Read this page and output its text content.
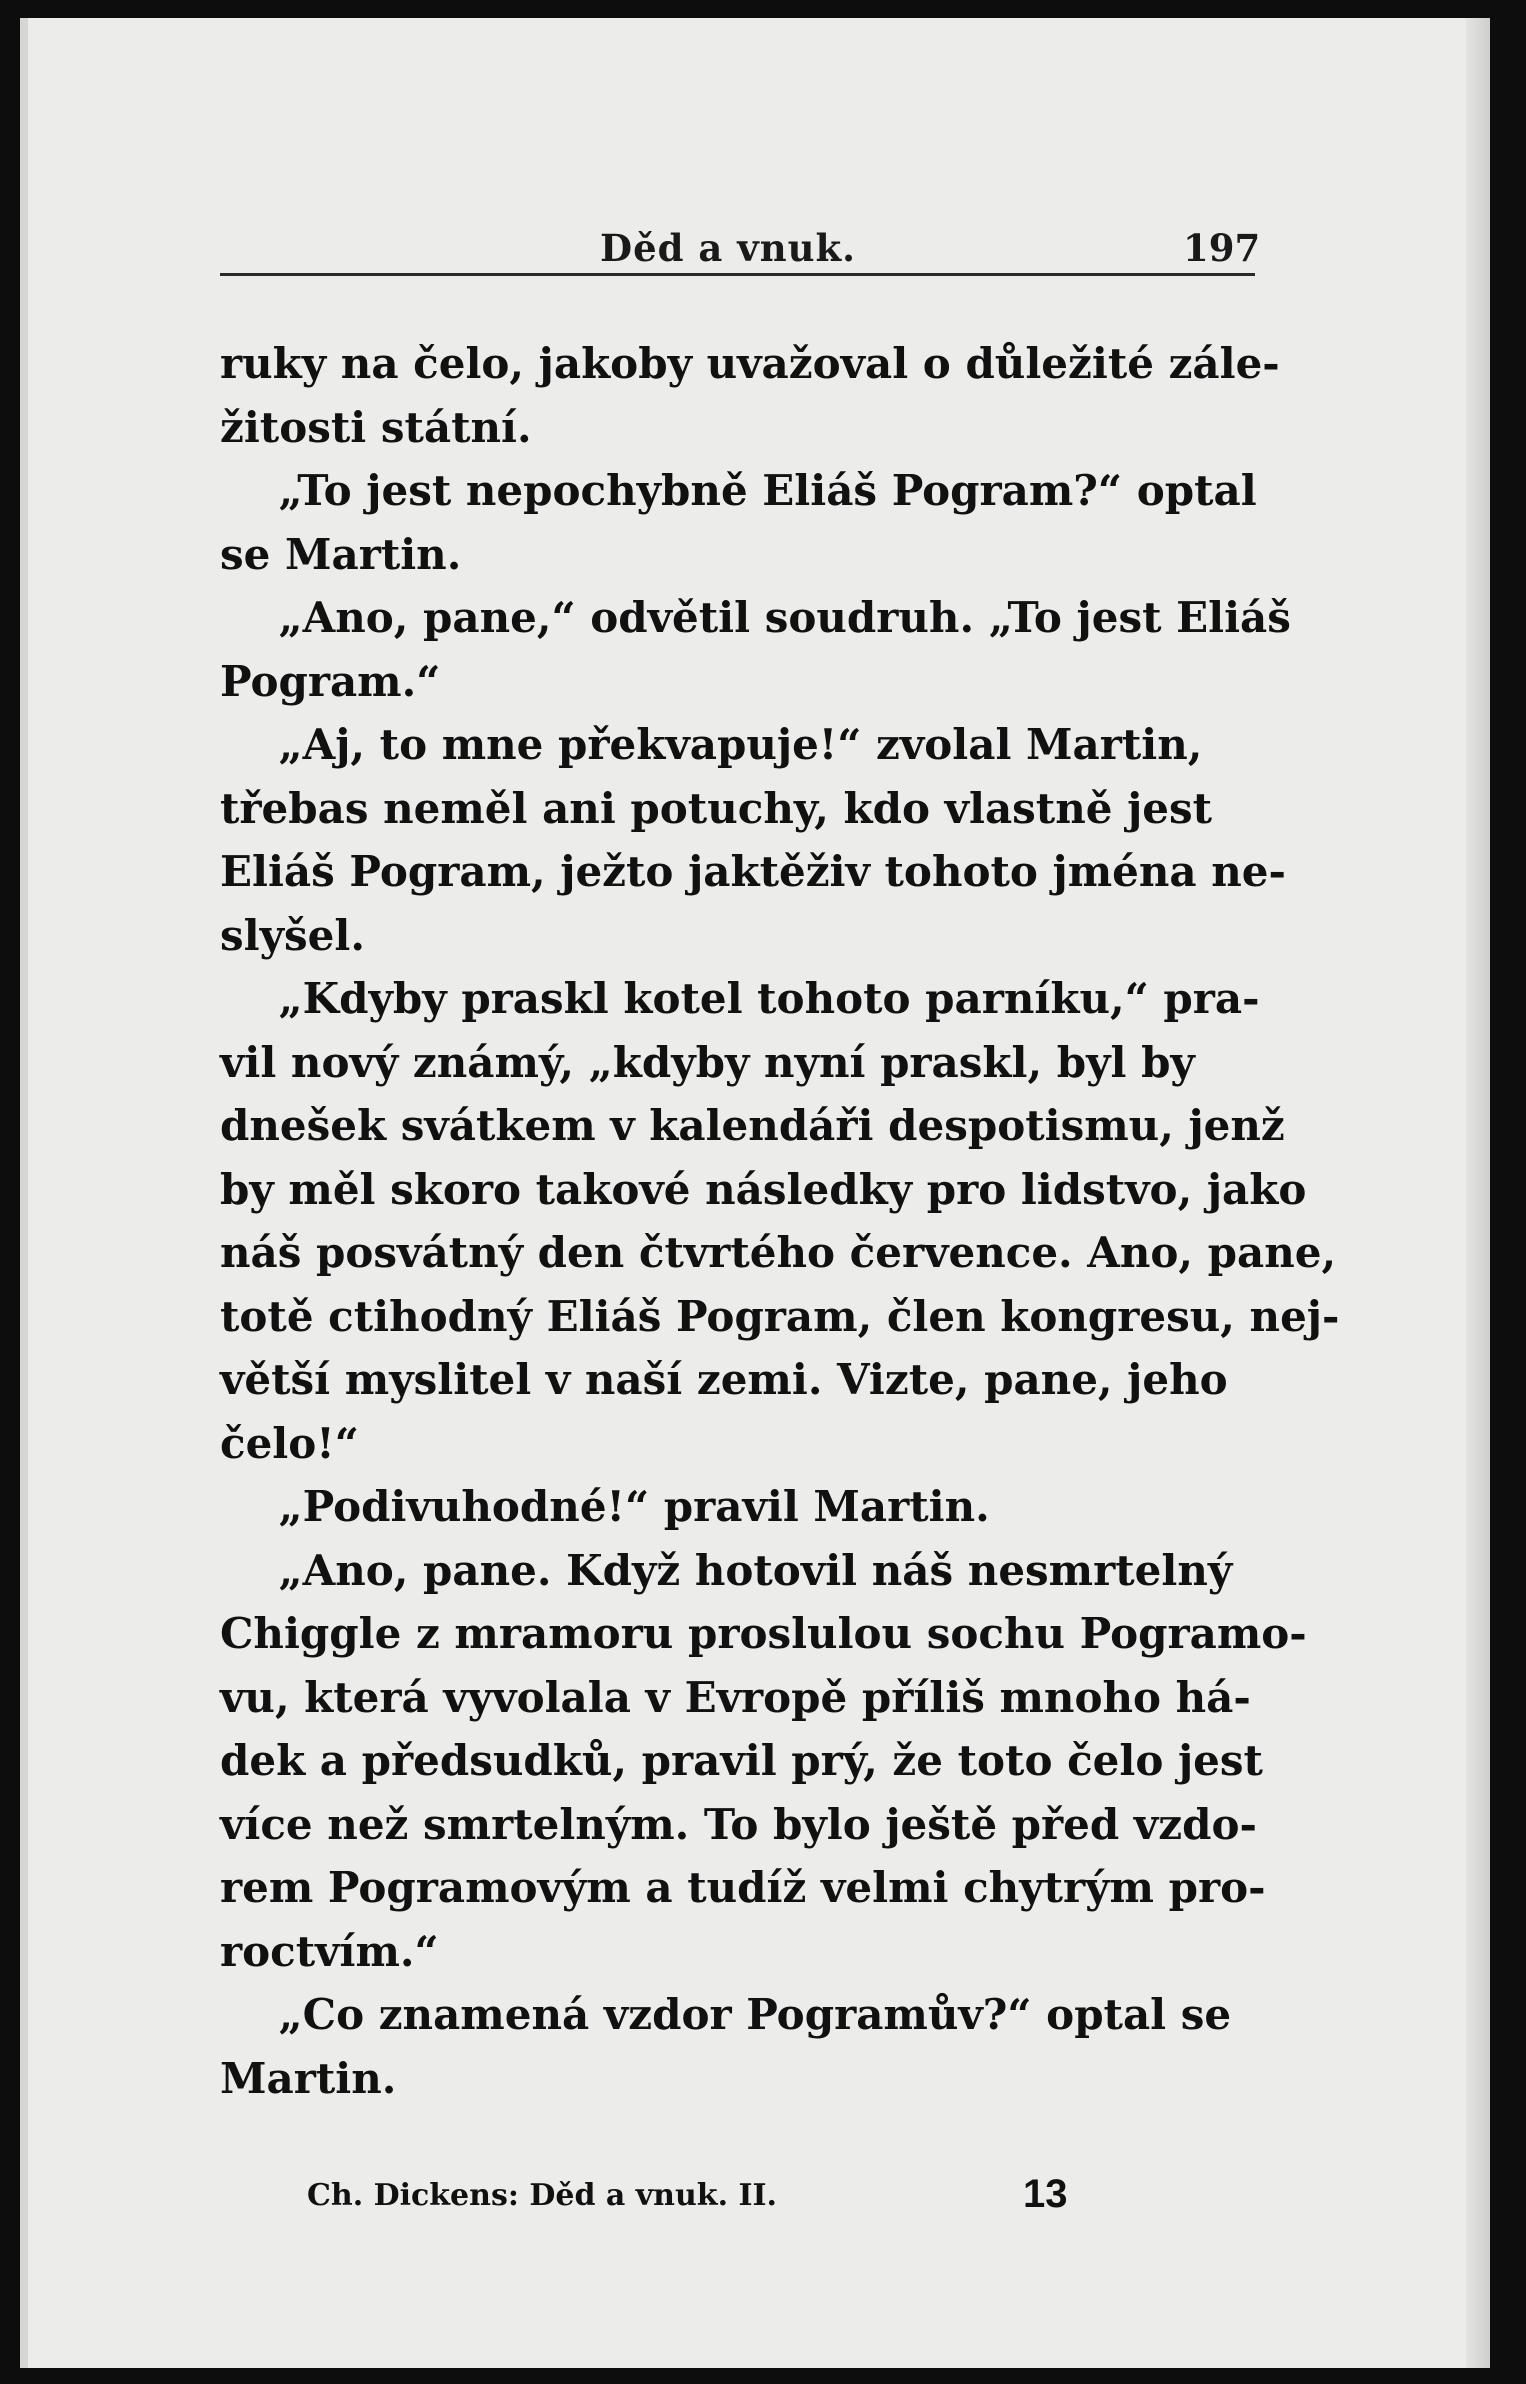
Děd a vnuk.	197
ruky na čelo, jakoby uvažoval o důležité zále-
žitosti státní.
„To jest nepochybně Eliáš Pogram?“ optal
se Martin.
„Ano, pane,“ odvětil soudruh. „To jest Eliáš
Pogram.“
„Aj, to mne překvapuje!“ zvolal Martin,
třebas neměl ani potuchy, kdo vlastně jest
Eliáš Pogram, ježto jaktěživ tohoto jména ne-
slyšel.
„Kdyby praskl kotel tohoto parníku,“ pra-
vil nový známý, „kdyby nyní praskl, byl by
dnešek svátkem v kalendáři despotismu, jenž
by měl skoro takové následky pro lidstvo, jako
náš posvátný den čtvrtého července. Ano, pane,
totě ctihodný Eliáš Pogram, člen kongresu, nej-
větší myslitel v naší zemi. Vizte, pane, jeho
čelo!“
„Podivuhodné!“ pravil Martin.
„Ano, pane. Když hotovil náš nesmrtelný
Chiggle z mramoru proslulou sochu Pogramo-
vu, která vyvolala v Evropě příliš mnoho há-
dek a předsudků, pravil prý, že toto čelo jest
více než smrtelným. To bylo ještě před vzdo-
rem Pogramovým a tudíž velmi chytrým pro-
roctvím.“
„Co znamená vzdor Pogramův?“ optal se
Martin.
Ch. Dickens: Děd a vnuk. II.	13
